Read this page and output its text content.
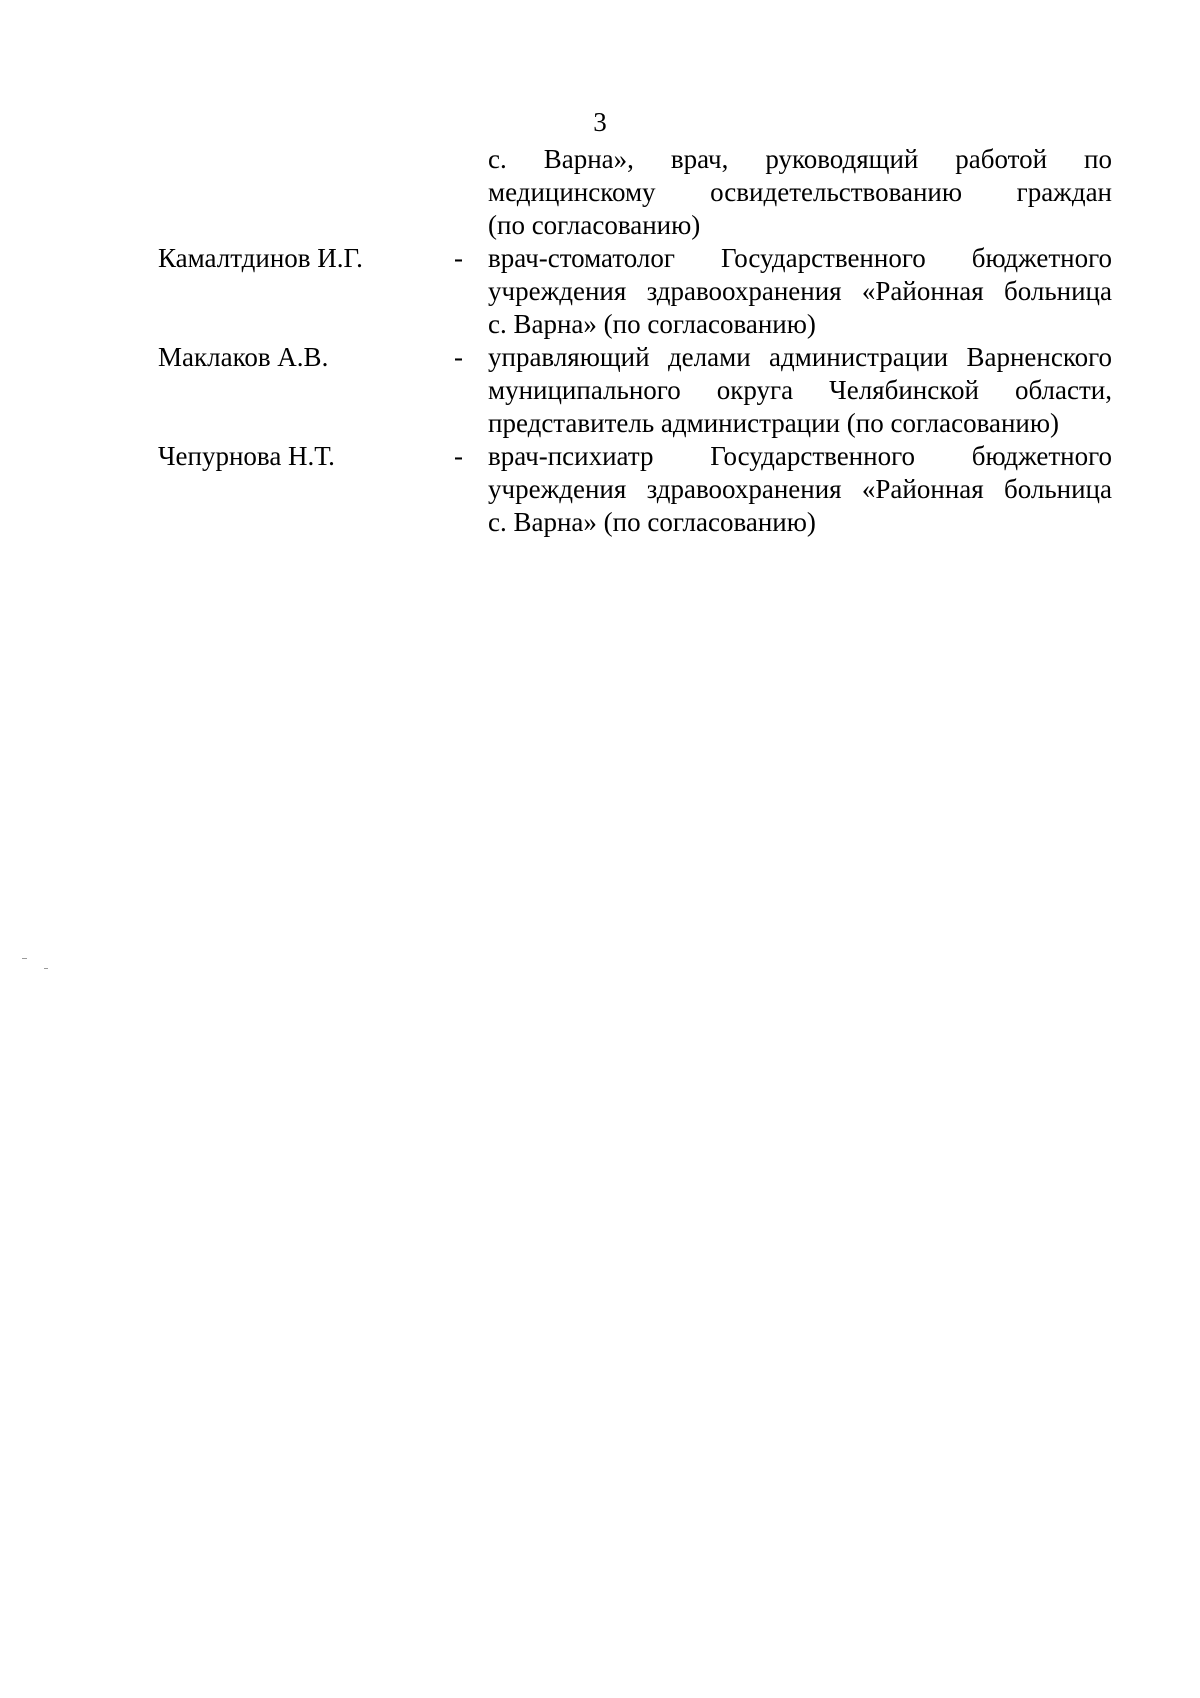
3
с. Варна», врач, руководящий работой по
медицинскому освидетельствованию граждан
(по согласованию)
Камалтдинов И.Г.	- врач-стоматолог Государственного бюджетного
учреждения здравоохранения «Районная больница
с. Варна» (по согласованию)
Маклаков А.В.	- управляющий делами администрации Варненского
муниципального округа Челябинской области,
представитель администрации (по согласованию)
Чепурнова Н.Т.	- врач-психиатр Государственного бюджетного
учреждения здравоохранения «Районная больница
с. Варна» (по согласованию)
